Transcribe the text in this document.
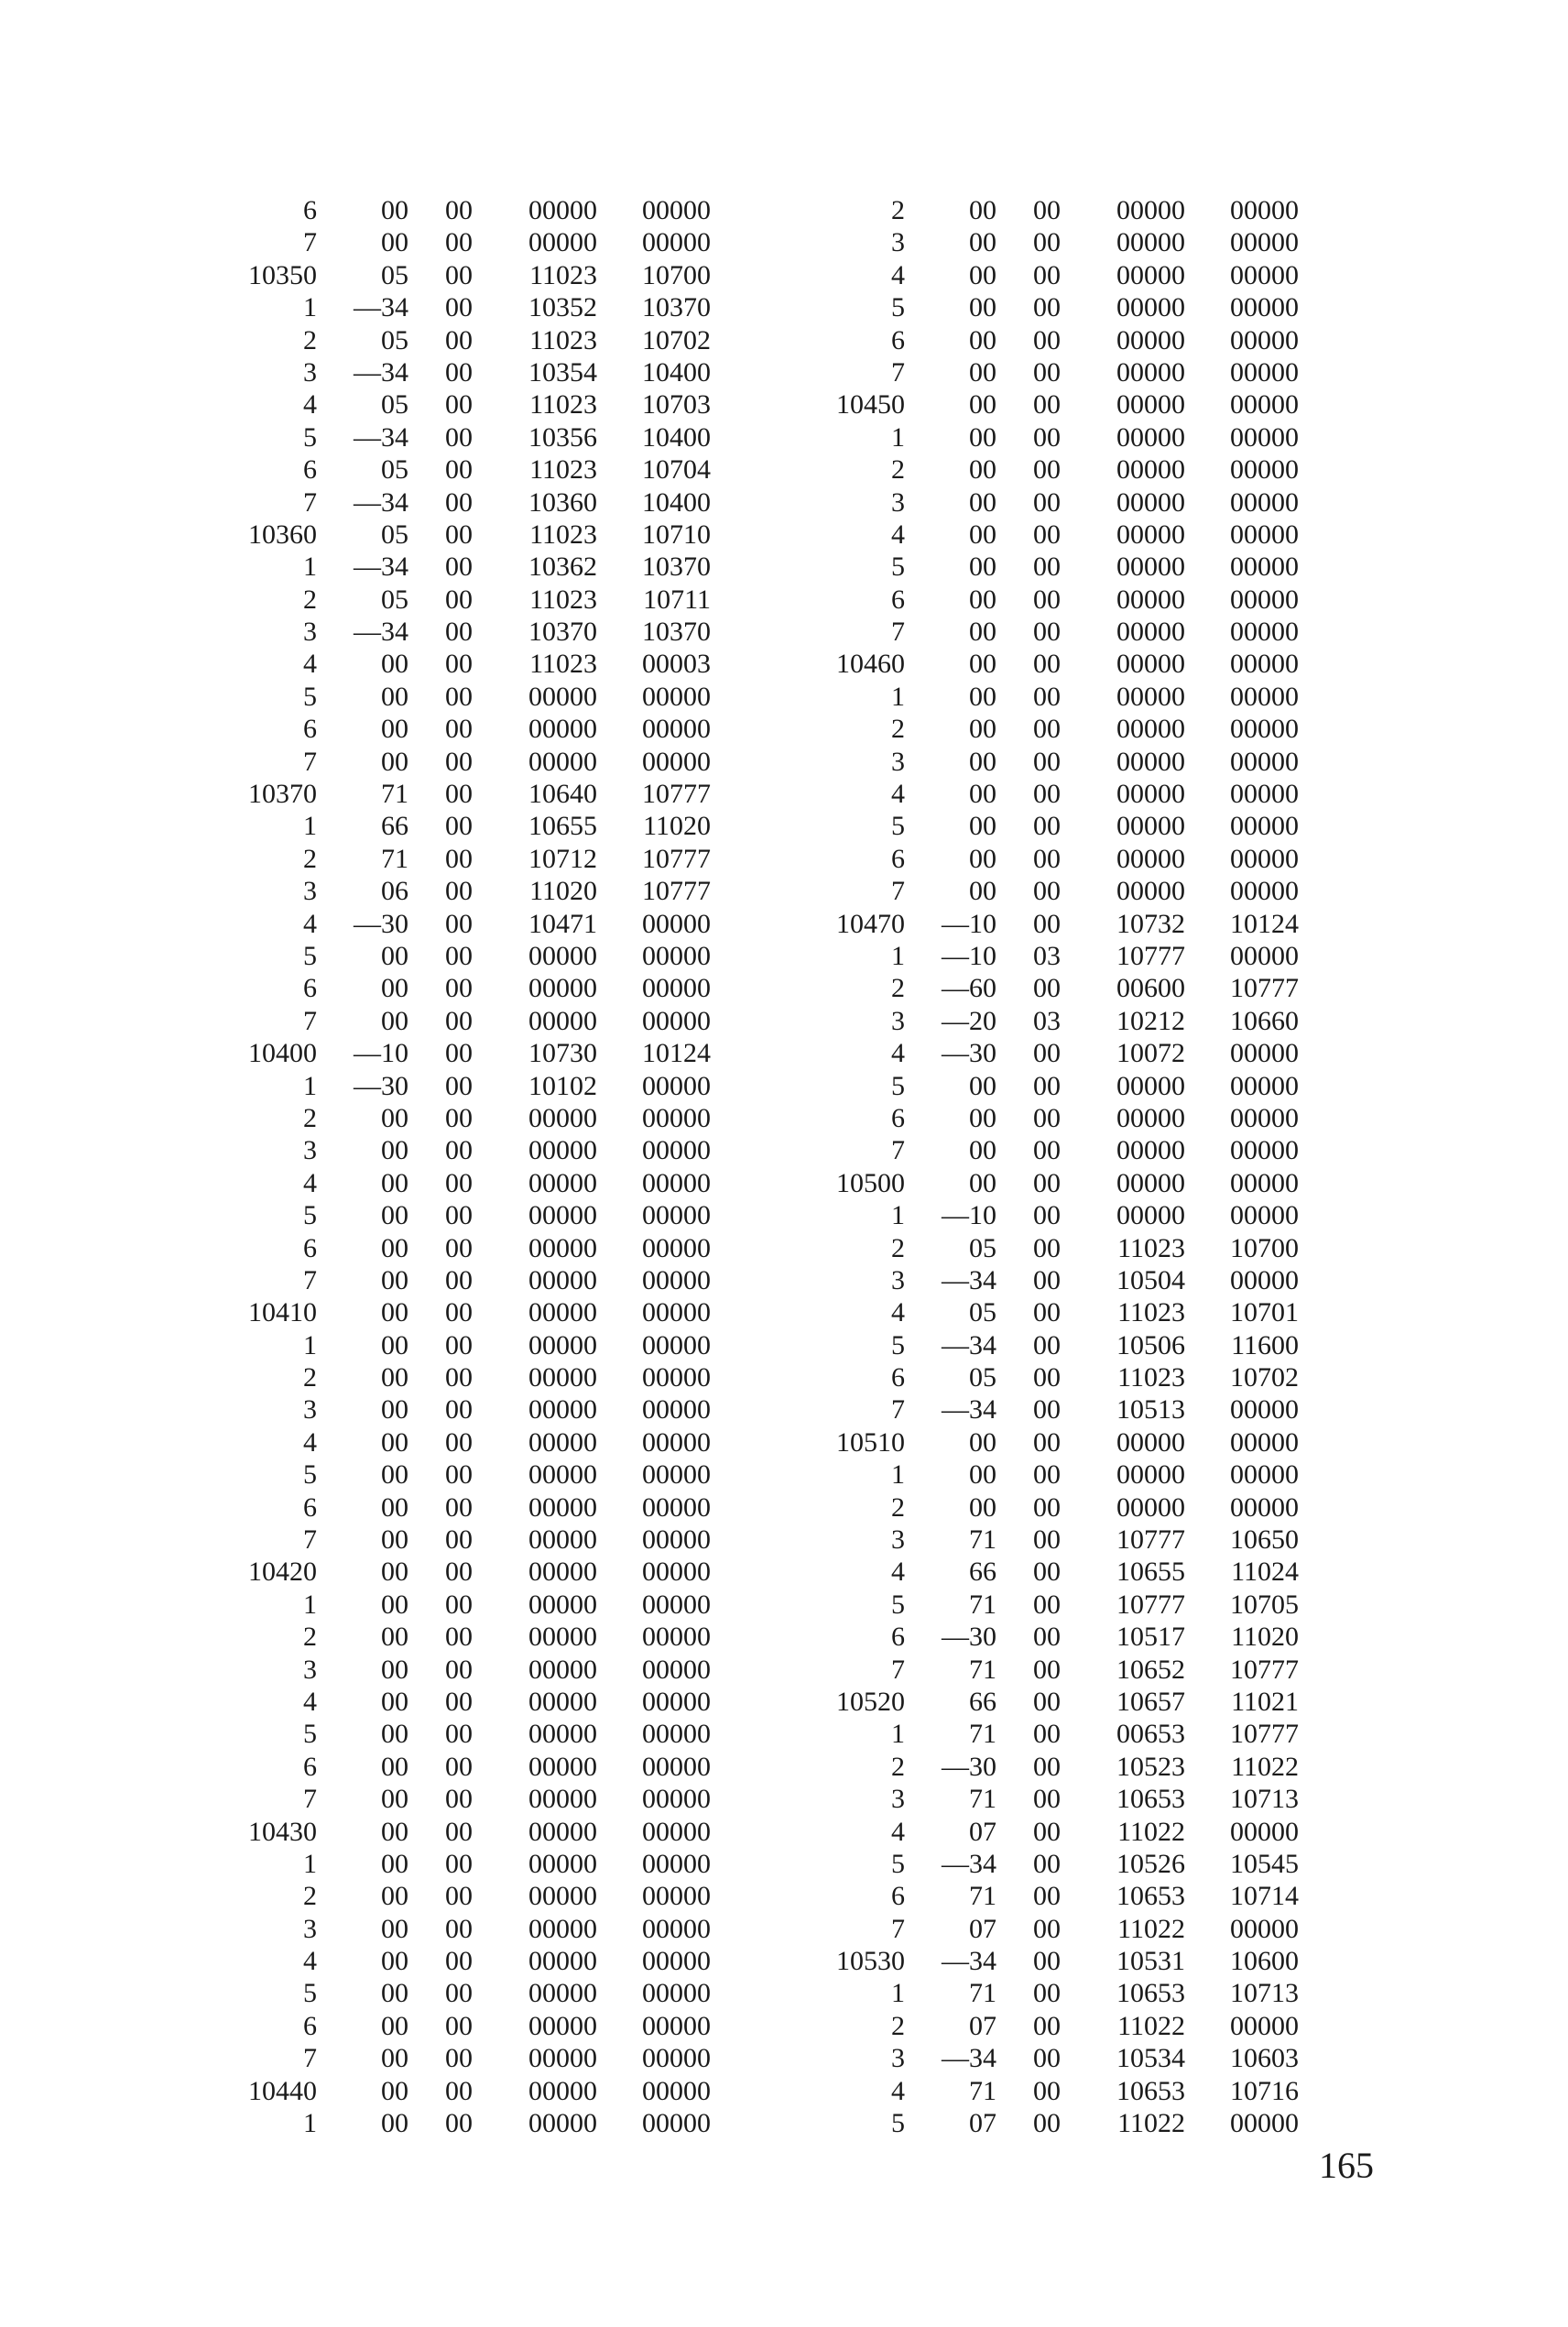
6	00	00	00000	00000
7	00	00	00000	00000
10350	05	00	11023	10700
1	—34	00	10352	10370
2	05	00	11023	10702
3	—34	00	10354	10400
4	05	00	11023	10703
5	—34	00	10356	10400
6	05	00	11023	10704
7	—34	00	10360	10400
10360	05	00	11023	10710
1	—34	00	10362	10370
2	05	00	11023	10711
3	—34	00	10370	10370
4	00	00	11023	00003
5	00	00	00000	00000
6	00	00	00000	00000
7	00	00	00000	00000
10370	71	00	10640	10777
1	66	00	10655	11020
2	71	00	10712	10777
3	06	00	11020	10777
4	—30	00	10471	00000
5	00	00	00000	00000
6	00	00	00000	00000
7	00	00	00000	00000
10400	—10	00	10730	10124
1	—30	00	10102	00000
2	00	00	00000	00000
3	00	00	00000	00000
4	00	00	00000	00000
5	00	00	00000	00000
6	00	00	00000	00000
7	00	00	00000	00000
10410	00	00	00000	00000
1	00	00	00000	00000
2	00	00	00000	00000
3	00	00	00000	00000
4	00	00	00000	00000
5	00	00	00000	00000
6	00	00	00000	00000
7	00	00	00000	00000
10420	00	00	00000	00000
1	00	00	00000	00000
2	00	00	00000	00000
3	00	00	00000	00000
4	00	00	00000	00000
5	00	00	00000	00000
6	00	00	00000	00000
7	00	00	00000	00000
10430	00	00	00000	00000
1	00	00	00000	00000
2	00	00	00000	00000
3	00	00	00000	00000
4	00	00	00000	00000
5	00	00	00000	00000
6	00	00	00000	00000
7	00	00	00000	00000
10440	00	00	00000	00000
1	00	00	00000	00000
2	00	00	00000	00000
3	00	00	00000	00000
4	00	00	00000	00000
5	00	00	00000	00000
6	00	00	00000	00000
7	00	00	00000	00000
10450	00	00	00000	00000
1	00	00	00000	00000
2	00	00	00000	00000
3	00	00	00000	00000
4	00	00	00000	00000
5	00	00	00000	00000
6	00	00	00000	00000
7	00	00	00000	00000
10460	00	00	00000	00000
1	00	00	00000	00000
2	00	00	00000	00000
3	00	00	00000	00000
4	00	00	00000	00000
5	00	00	00000	00000
6	00	00	00000	00000
7	00	00	00000	00000
10470	—10	00	10732	10124
1	—10	03	10777	00000
2	—60	00	00600	10777
3	—20	03	10212	10660
4	—30	00	10072	00000
5	00	00	00000	00000
6	00	00	00000	00000
7	00	00	00000	00000
10500	00	00	00000	00000
1	—10	00	00000	00000
2	05	00	11023	10700
3	—34	00	10504	00000
4	05	00	11023	10701
5	—34	00	10506	11600
6	05	00	11023	10702
7	—34	00	10513	00000
10510	00	00	00000	00000
1	00	00	00000	00000
2	00	00	00000	00000
3	71	00	10777	10650
4	66	00	10655	11024
5	71	00	10777	10705
6	—30	00	10517	11020
7	71	00	10652	10777
10520	66	00	10657	11021
1	71	00	00653	10777
2	—30	00	10523	11022
3	71	00	10653	10713
4	07	00	11022	00000
5	—34	00	10526	10545
6	71	00	10653	10714
7	07	00	11022	00000
10530	—34	00	10531	10600
1	71	00	10653	10713
2	07	00	11022	00000
3	—34	00	10534	10603
4	71	00	10653	10716
5	07	00	11022	00000
165
